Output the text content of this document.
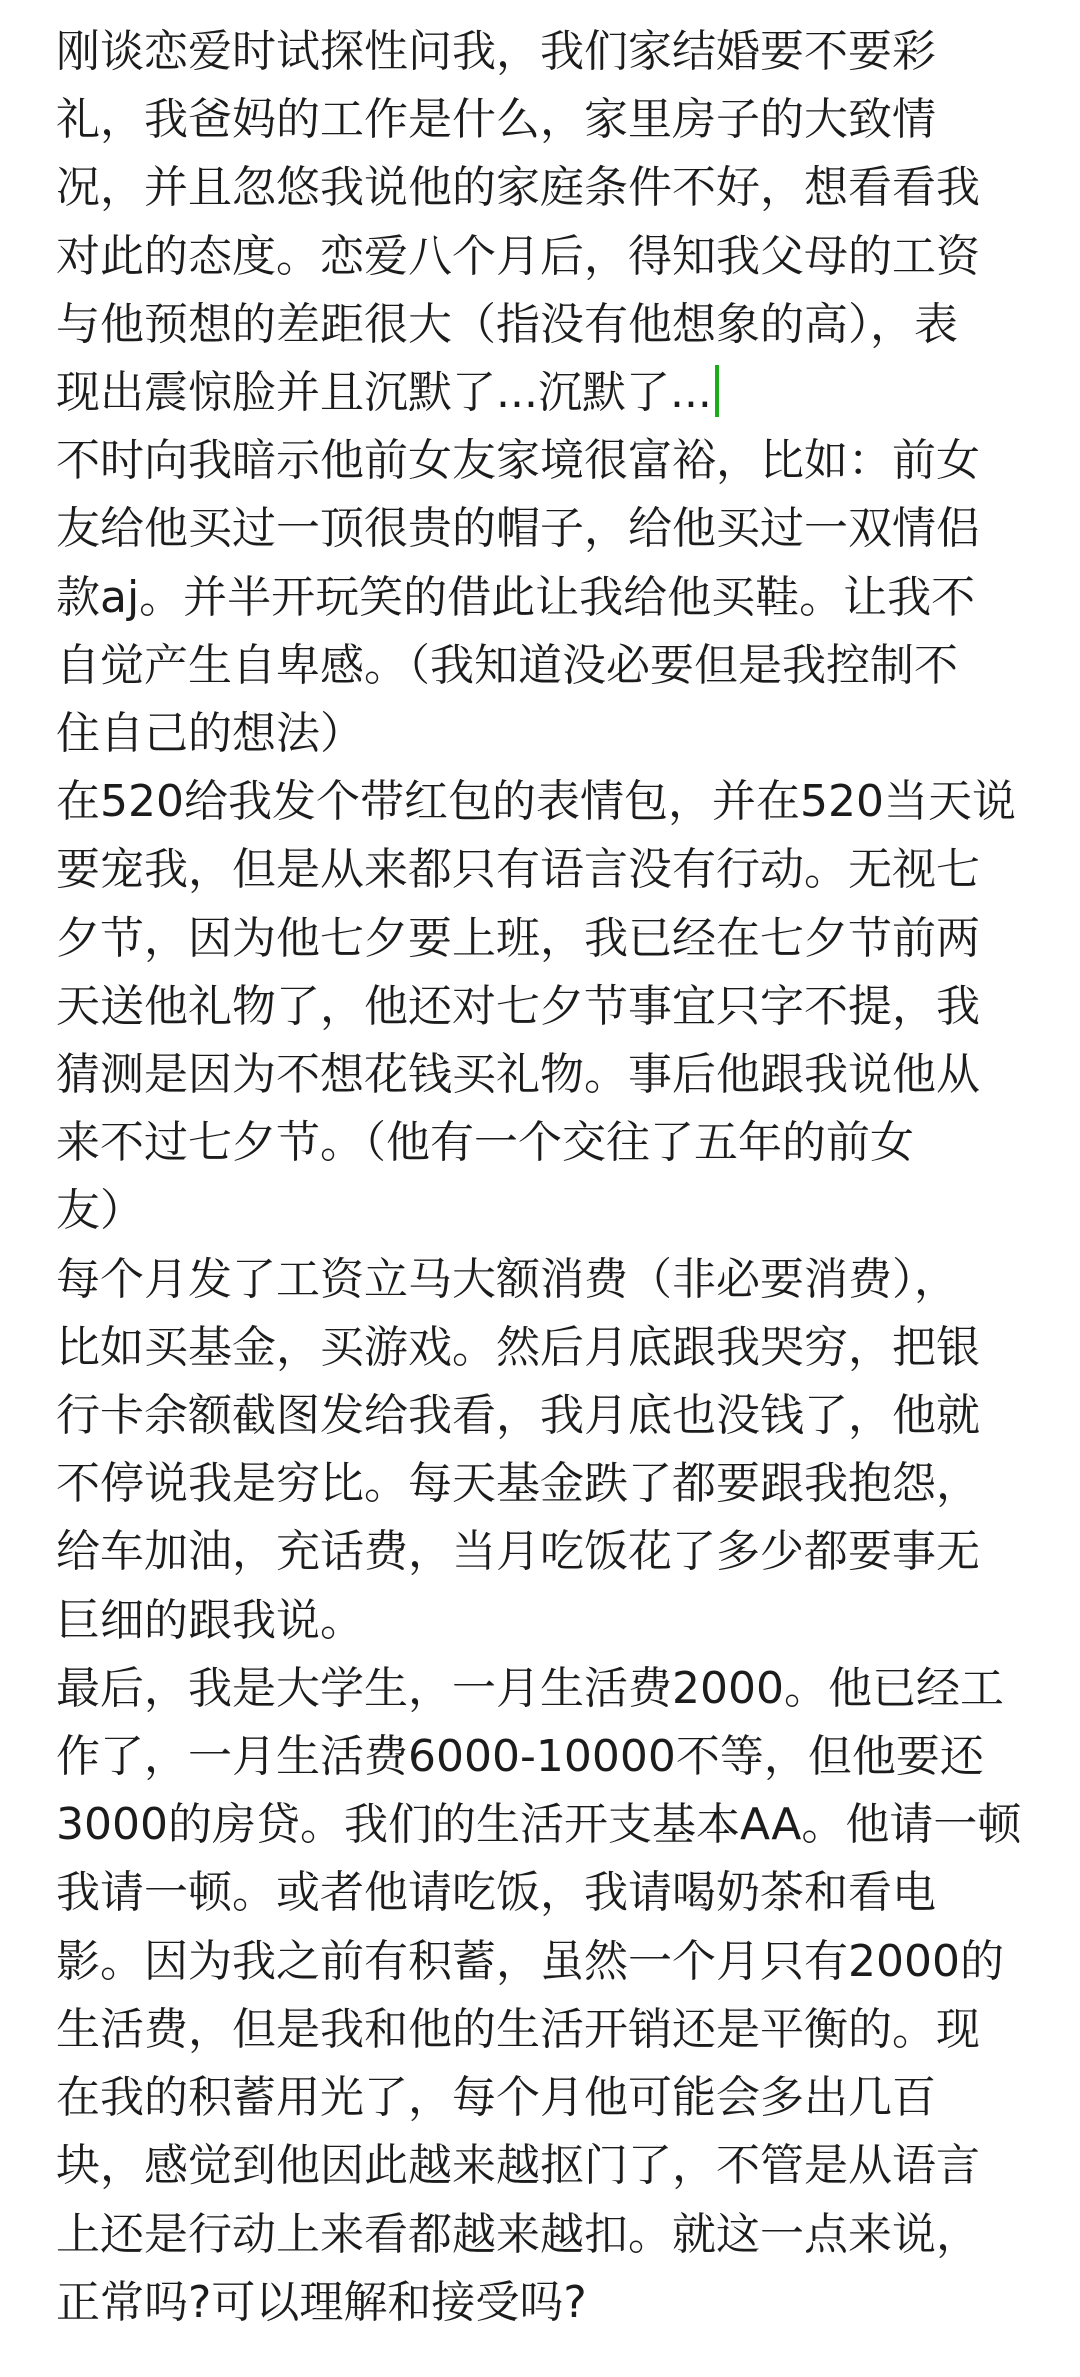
刚谈恋爱时试探性问我，我们家结婚要不要彩
礼，我爸妈的工作是什么，家里房子的大致情
况，并且忽悠我说他的家庭条件不好，想看看我
对此的态度。恋爱八个月后，得知我父母的工资
与他预想的差距很大（指没有他想象的高），表
现出震惊脸并且沉默了...沉默了...
不时向我暗示他前女友家境很富裕，比如：前女
友给他买过一顶很贵的帽子，给他买过一双情侣
款aj。并半开玩笑的借此让我给他买鞋。让我不
自觉产生自卑感。（我知道没必要但是我控制不
住自己的想法）
在520给我发个带红包的表情包，并在520当天说
要宠我，但是从来都只有语言没有行动。无视七
夕节，因为他七夕要上班，我已经在七夕节前两
天送他礼物了，他还对七夕节事宜只字不提，我
猜测是因为不想花钱买礼物。事后他跟我说他从
来不过七夕节。（他有一个交往了五年的前女
友）
每个月发了工资立马大额消费（非必要消费），
比如买基金，买游戏。然后月底跟我哭穷，把银
行卡余额截图发给我看，我月底也没钱了，他就
不停说我是穷比。每天基金跌了都要跟我抱怨，
给车加油，充话费，当月吃饭花了多少都要事无
巨细的跟我说。
最后，我是大学生，一月生活费2000。他已经工
作了，一月生活费6000-10000不等，但他要还
3000的房贷。我们的生活开支基本AA。他请一顿
我请一顿。或者他请吃饭，我请喝奶茶和看电
影。因为我之前有积蓄，虽然一个月只有2000的
生活费，但是我和他的生活开销还是平衡的。现
在我的积蓄用光了，每个月他可能会多出几百
块，感觉到他因此越来越抠门了，不管是从语言
上还是行动上来看都越来越扣。就这一点来说，
正常吗?可以理解和接受吗?
